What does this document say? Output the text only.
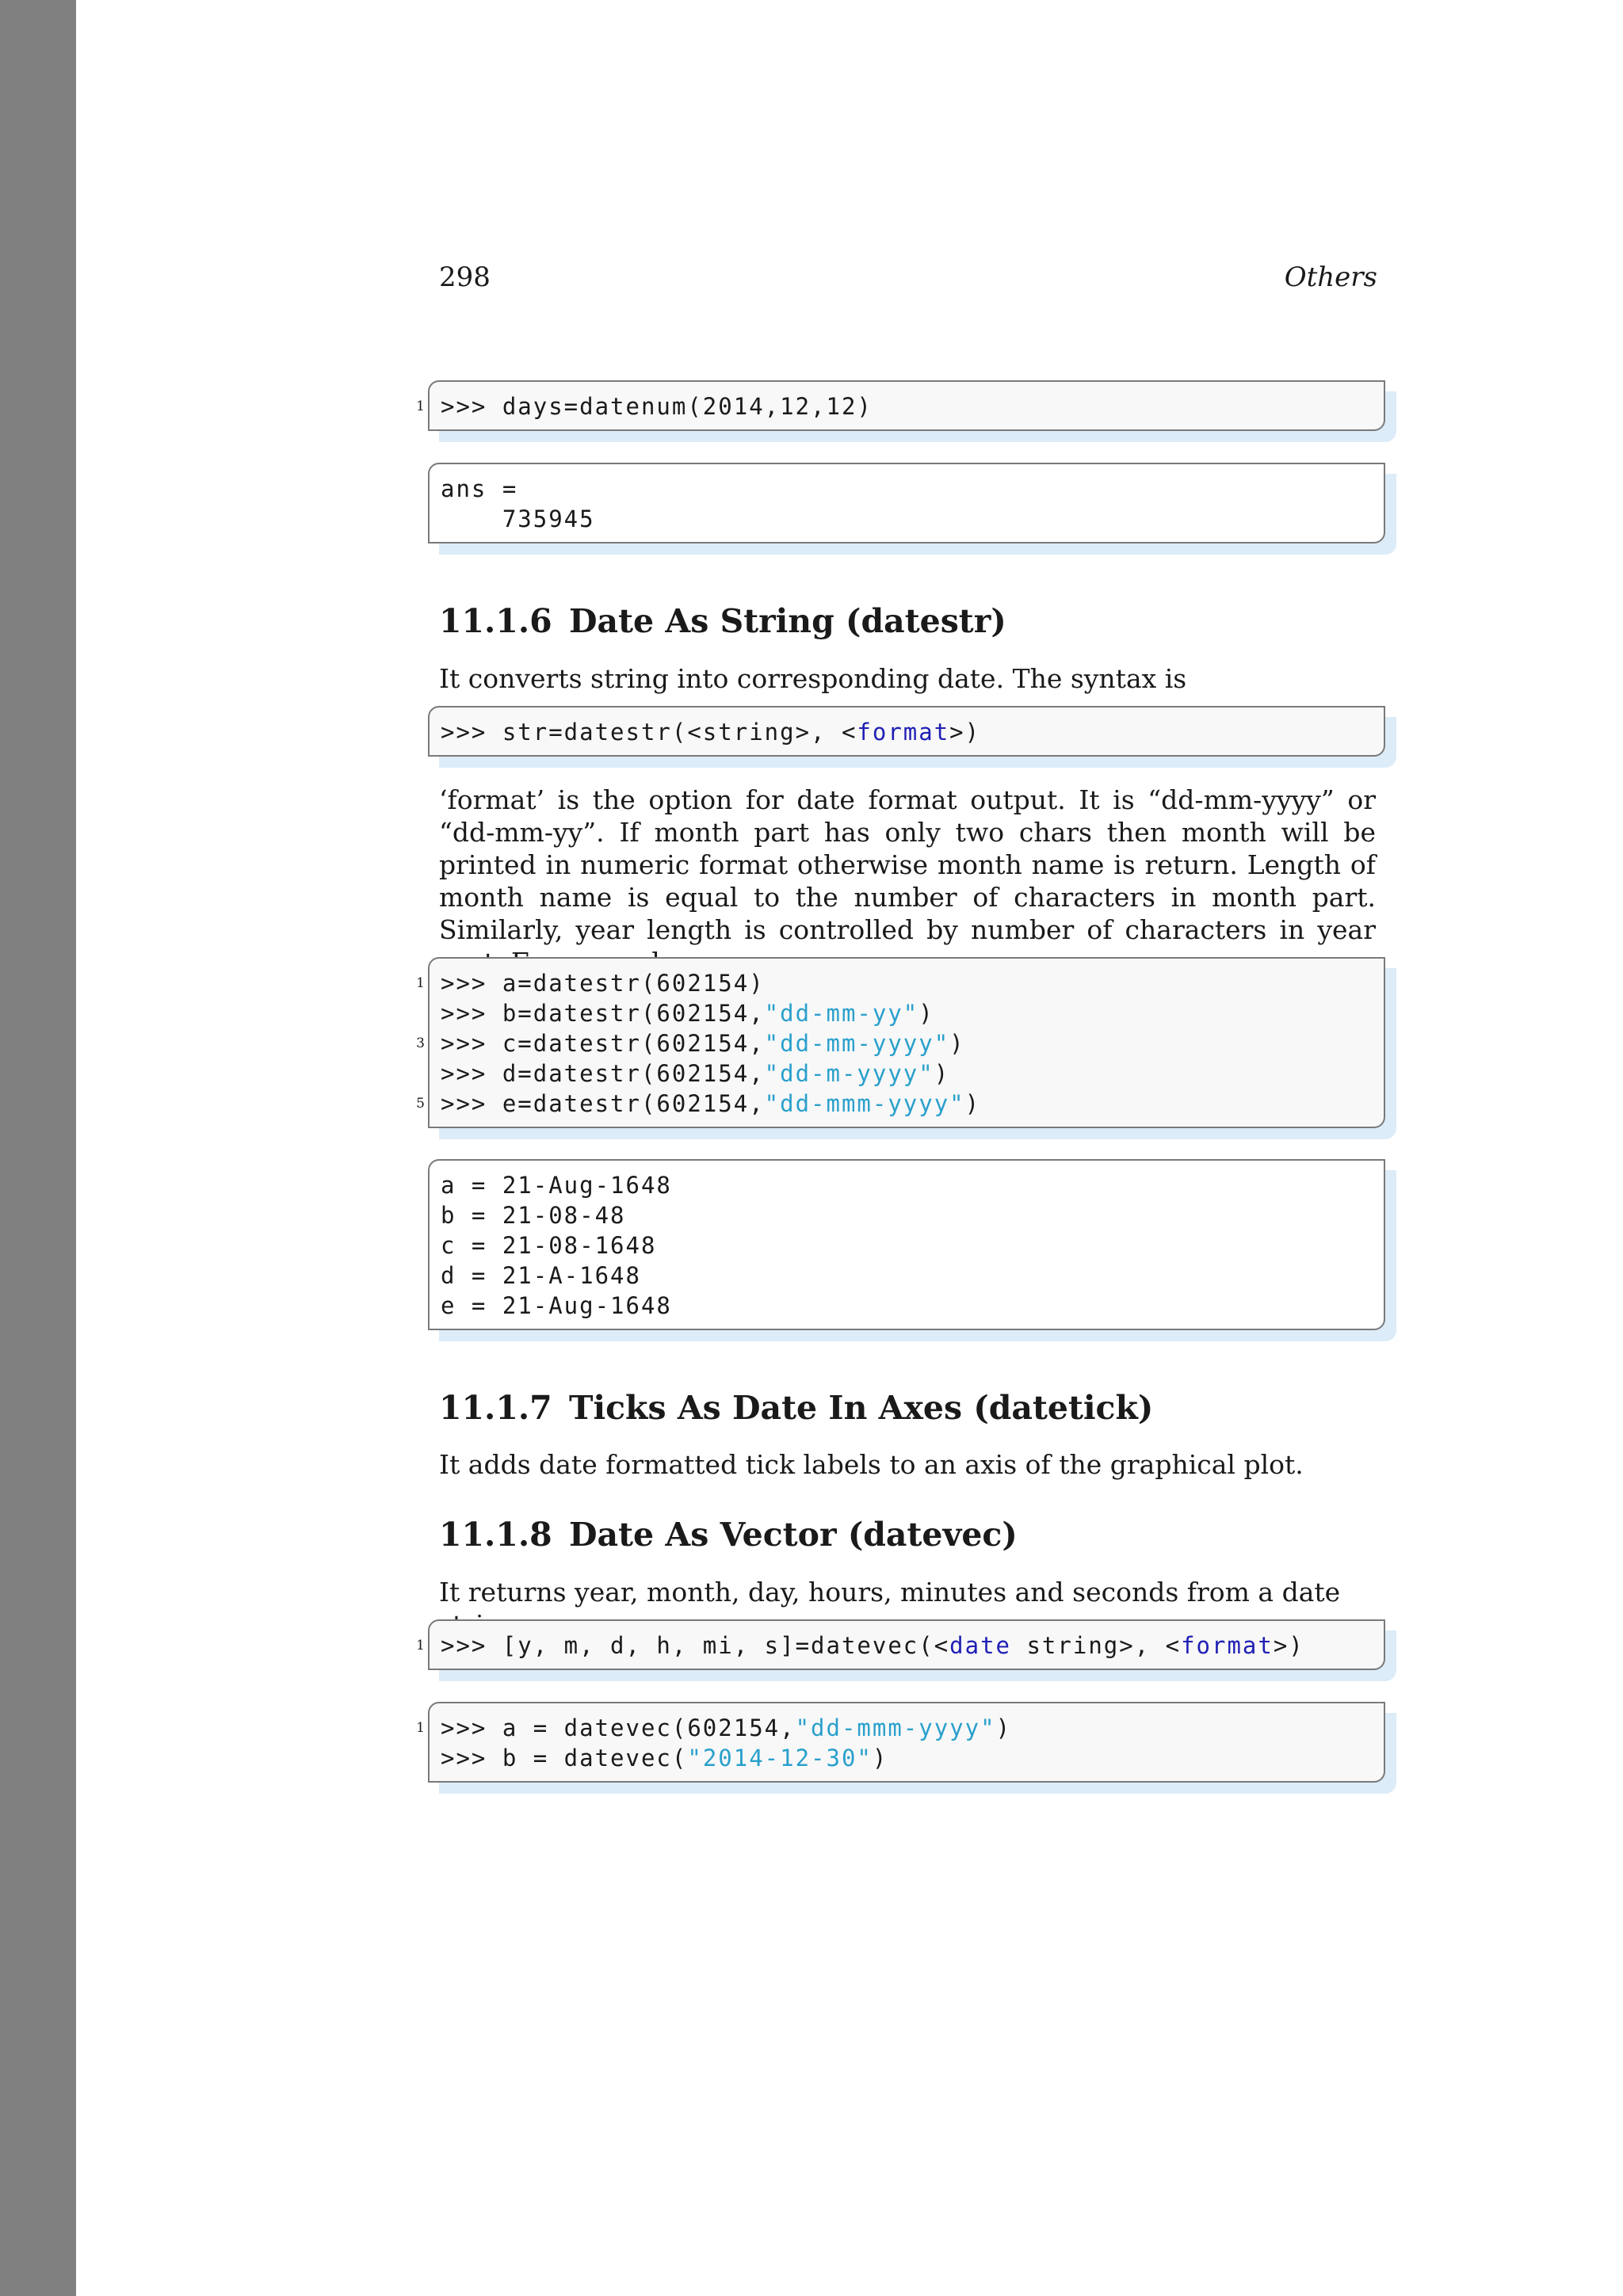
298	Others
1 >>> days=datenum(2014,12,12)
ans =
735945
11.1.6 Date As String (datestr)

It converts string into corresponding date. The syntax is

>>> str=datestr(<string>, <format>)

‘format’ is the option for date format output. It is “dd-mm-yyyy” or “dd-mm-yy”. If month part has only two chars then month will be printed in numeric format otherwise month name is return. Length of month name is equal to the number of characters in month part. Similarly, year length is controlled by number of characters in year

1 >>> a=datestr(602154)
>>> b=datestr(602154,"dd-mm-yy")
3 >>> c=datestr(602154,"dd-mm-yyyy")
>>> d=datestr(602154,"dd-m-yyyy")
5 >>> e=datestr(602154,"dd-mmm-yyyy")
a = 21-Aug-1648
b = 21-08-48
c = 21-08-1648
d = 21-A-1648
e = 21-Aug-1648
11.1.7 Ticks As Date In Axes (datetick)

It adds date formatted tick labels to an axis of the graphical plot.

11.1.8 Date As Vector (datevec)

It returns year, month, day, hours, minutes and seconds from a date

1 >>> [y, m, d, h, mi, s]=datevec(<date string>, <format>)
1 >>> a = datevec(602154,"dd-mmm-yyyy")
>>> b = datevec("2014-12-30")
